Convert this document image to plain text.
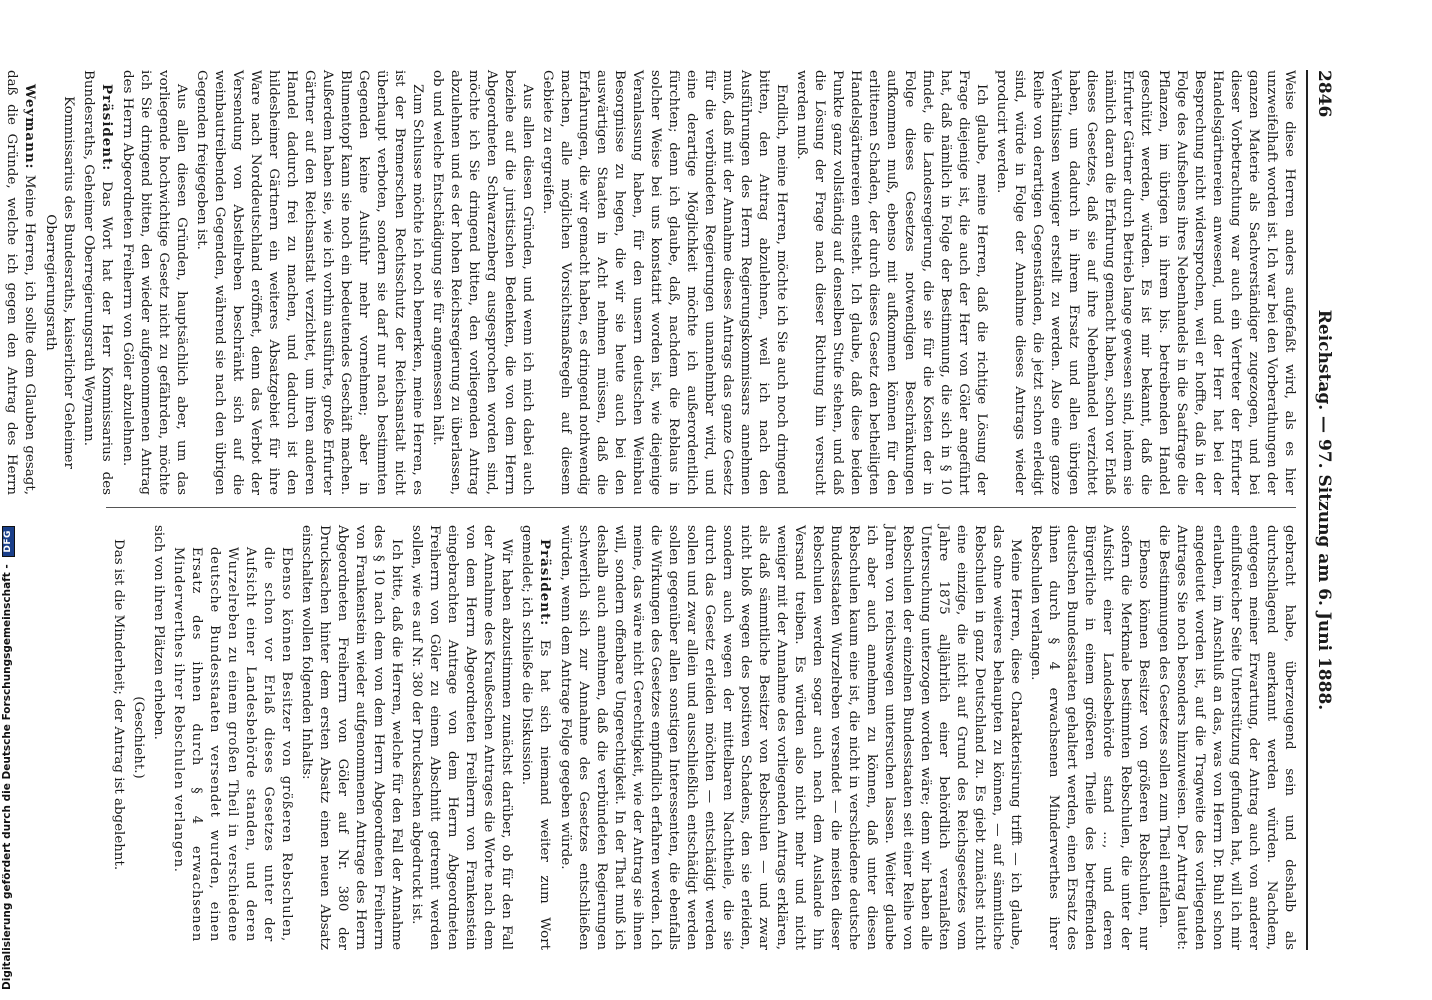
2846
Reichstag. — 97. Sitzung am 6. Juni 1888.

Weise diese Herren anders aufgefaßt wird, als es hier unzweifelhaft worden ist. Ich war bei den Vorberathungen der ganzen Materie als Sachverständiger zugezogen, und bei dieser Vorbetrachtung war auch ein Vertreter der Erfurter Handelsgärtnereien anwesend, und der Herr hat bei der Besprechung nicht widersprochen, weil er hoffte, daß in der Folge des Aufsehens ihres Nebenhandels in die Saatfrage die Pflanzen, im übrigen in ihrem bis. betreibenden Handel geschützt werden, würden. Es ist mir bekannt, daß die Erfurter Gärtner durch Betrieb lange gewesen sind, indem sie nämlich daran die Erfahrung gemacht haben, schon vor Erlaß dieses Gesetzes, daß sie auf ihre Nebenhandel verzichtet haben, um dadurch in ihrem Ersatz und allen übrigen Verhältnissen weniger erstellt zu werden. Also eine ganze Reihe von derartigen Gegenständen, die jetzt schon erledigt sind, würde in Folge der Annahme dieses Antrags wieder producirt werden.

Ich glaube, meine Herren, daß die richtige Lösung der Frage diejenige ist, die auch der Herr von Göler angeführt hat, daß nämlich in Folge der Bestimmung, die sich in § 10 findet, die Landesregierung, die sie für die Kosten der in Folge dieses Gesetzes notwendigen Beschränkungen aufkommen muß, ebenso mit aufkommen können für den erlittenen Schaden, der durch dieses Gesetz den betheiligten Handelsgärtnereien entsteht. Ich glaube, daß diese beiden Punkte ganz vollständig auf denselben Stufe stehen, und daß die Lösung der Frage nach dieser Richtung hin versucht werden muß.

Endlich, meine Herren, möchte ich Sie auch noch dringend bitten, den Antrag abzulehnen, weil ich nach den Ausführungen des Herrn Regierungskommissars annehmen muß, daß mit der Annahme dieses Antrags das ganze Gesetz für die verbündeten Regierungen unannehmbar wird, und eine derartige Möglichkeit möchte ich außerordentlich fürchten; denn ich glaube, daß, nachdem die Reblaus in solcher Weise bei uns konstatirt worden ist, wie diejenige Veranlassung haben, für den unsern deutschen Weinbau Besorgnisse zu hegen, die wir sie heute auch bei den auswärtigen Staaten in Acht nehmen müssen, daß die Erfahrungen, die wir gemacht haben, es dringend nothwendig machen, alle möglichen Vorsichtsmaßregeln auf diesem Gebiete zu ergreifen.

Aus allen diesen Gründen, und wenn ich mich dabei auch beziehe auf die juristischen Bedenken, die von dem Herrn Abgeordneten Schwarzenberg ausgesprochen worden sind, möchte ich Sie dringend bitten, den vorliegenden Antrag abzulehnen und es der hohen Reichsregierung zu überlassen, ob und welche Entschädigung sie für angemessen hält.

Zum Schlusse möchte ich noch bemerken, meine Herren, es ist der Bremerschen Rechtsschutz der Reichsanstalt nicht überhaupt verboten, sondern sie darf nur nach bestimmten Gegenden keine Ausfuhr mehr vornehmen; aber in Blumentopf kann sie noch ein bedeutendes Geschäft machen. Außerdem haben sie, wie ich vorhin ausführte, große Erfurter Gärtner auf den Reichsanstalt verzichtet, um ihren anderen Handel dadurch frei zu machen, und dadurch ist den hildesheimer Gärtnern ein weiteres Absatzgebiet für ihre Ware nach Norddeutschland eröffnet, denn das Verbot der Versendung von Abstellreben beschränkt sich auf die weinbautreibenden Gegenden, während sie nach den übrigen Gegenden freigegeben ist.

Aus allen diesen Gründen, hauptsächlich aber, um das vorliegende hochwichtige Gesetz nicht zu gefährden, möchte ich Sie dringend bitten, den wieder aufgenommenen Antrag des Herrn Abgeordneten Freiherrn von Göler abzulehnen.

Präsident: Das Wort hat der Herr Kommissarius des Bundesraths, Geheimer Oberregierungsrath Weymann.

Kommissarius des Bundesraths, kaiserlicher Geheimer Oberregierungsrath

Weymann: Meine Herren, ich sollte dem Glauben gesagt, daß die Gründe, welche ich gegen den Antrag des Herrn

gebracht habe, überzeugend sein und deshalb als durchschlagend anerkannt werden würden. Nachdem, entgegen meiner Erwartung, der Antrag auch von anderer einflußreicher Seite Unterstützung gefunden hat, will ich mir erlauben, im Anschluß an das, was von Herrn Dr. Buhl schon angedeutet worden ist, auf die Tragweite des vorliegenden Antrages Sie noch besonders hinzuweisen. Der Antrag lautet: die Bestimmungen des Gesetzes sollen zum Theil entfallen.

Ebenso können Besitzer von größeren Rebschulen, nur sofern die Merkmale bestimmten Rebschulen, die unter der Aufsicht einer Landesbehörde stand ..., und deren Bürgerliche in einem größeren Theile des betreffenden deutschen Bundesstaaten gehaltert werden, einen Ersatz des ihnen durch § 4 erwachsenen Minderwerthes ihrer Rebschulen verlangen.

Meine Herren, diese Charakterisirung trifft — ich glaube, das ohne weiteres behaupten zu können, — auf sämmtliche Rebschulen in ganz Deutschland zu. Es giebt zunächst nicht eine einzige, die nicht auf Grund des Reichsgesetzes vom Jahre 1875 alljährlich einer behördlich veranlaßten Untersuchung unterzogen worden wäre; denn wir haben alle Rebschulen der einzelnen Bundesstaaten seit einer Reihe von Jahren von reichswegen untersuchen lassen. Weiter glaube ich aber auch annehmen zu können, daß unter diesen Rebschulen kaum eine ist, die nicht in verschiedene deutsche Bundesstaaten Wurzelreben versendet — die meisten dieser Rebschulen werden sogar auch nach dem Auslande hin Versand treiben. Es würden also nicht mehr und nicht weniger mit der Annahme des vorliegenden Antrags erklären, als daß sämmtliche Besitzer von Rebschulen — und zwar nicht bloß wegen des positiven Schadens, den sie erleiden, sondern auch wegen der mittelbaren Nachtheile, die sie durch das Gesetz erleiden möchten — entschädigt werden sollen und zwar allein und ausschließlich entschädigt werden sollen gegenüber allen sonstigen Interessenten, die ebenfalls die Wirkungen des Gesetzes empfindlich erfahren werden. Ich meine, das wäre nicht Gerechtigkeit, wie der Antrag sie ihnen will, sondern offenbare Ungerechtigkeit. In der That muß ich deshalb auch annehmen, daß die verbündeten Regierungen schwerlich sich zur Annahme des Gesetzes entschließen würden, wenn dem Antrage Folge gegeben würde.

Präsident: Es hat sich niemand weiter zum Wort gemeldet; ich schließe die Diskussion.

Wir haben abzustimmen zunächst darüber, ob für den Fall der Annahme des Kraußeschen Antrages die Worte nach dem von dem Herrn Abgeordneten Freiherrn von Frankenstein eingebrachten Antrage von dem Herrn Abgeordneten Freiherrn von Göler zu einem Abschnitt getrennt werden sollen, wie es auf Nr. 380 der Drucksachen abgedruckt ist.

Ich bitte, daß die Herren, welche für den Fall der Annahme des § 10 nach dem von dem Herrn Abgeordneten Freiherrn von Frankenstein wieder aufgenommenen Antrage des Herrn Abgeordneten Freiherrn von Göler auf Nr. 380 der Drucksachen hinter dem ersten Absatz einen neuen Absatz einschalten wollen folgenden Inhalts:

Ebenso können Besitzer von größeren Rebschulen, die schon vor Erlaß dieses Gesetzes unter der Aufsicht einer Landesbehörde standen, und deren Wurzelreben zu einem großen Theil in verschiedene deutsche Bundesstaaten versendet wurden, einen Ersatz des ihnen durch § 4 erwachsenen Minderwerthes ihrer Rebschulen verlangen.

sich von ihren Plätzen erheben.

(Geschieht.)

Das ist die Minderheit; der Antrag ist abgelehnt.

Digitalisierung gefördert durch die Deutsche Forschungsgemeinschaft - DFG
